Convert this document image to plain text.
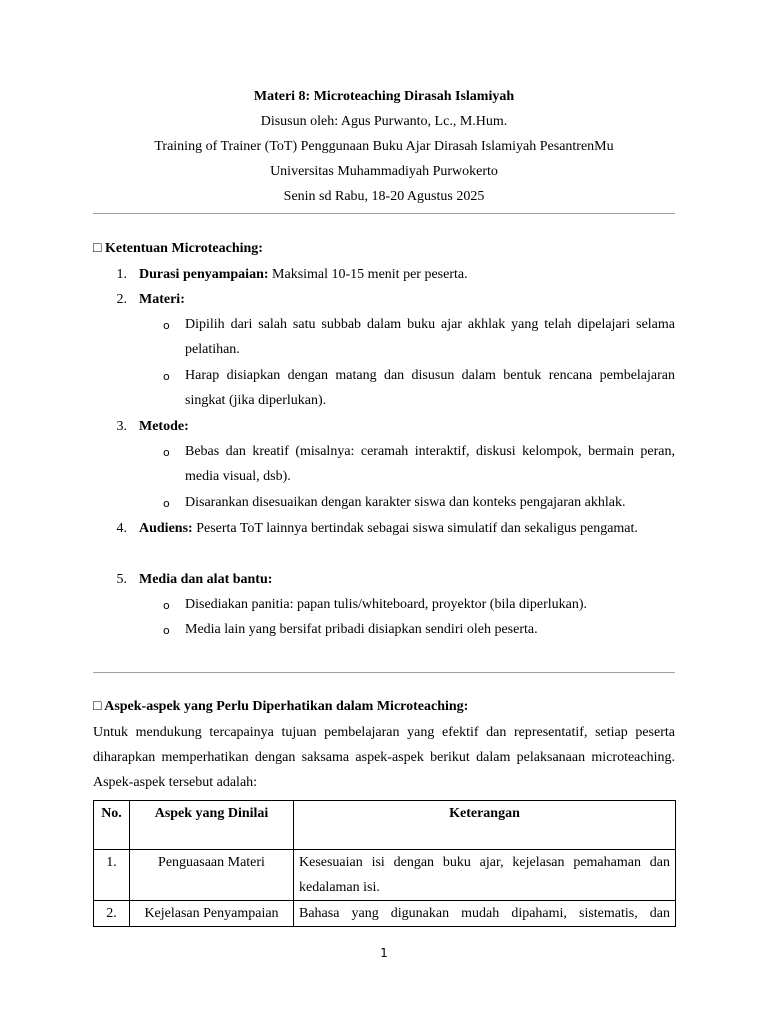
Materi 8: Microteaching Dirasah Islamiyah
Disusun oleh: Agus Purwanto, Lc., M.Hum.
Training of Trainer (ToT) Penggunaan Buku Ajar Dirasah Islamiyah PesantrenMu
Universitas Muhammadiyah Purwokerto
Senin sd Rabu, 18-20 Agustus 2025
□ Ketentuan Microteaching:
1. Durasi penyampaian: Maksimal 10-15 menit per peserta.
2. Materi:
o Dipilih dari salah satu subbab dalam buku ajar akhlak yang telah dipelajari selama pelatihan.
o Harap disiapkan dengan matang dan disusun dalam bentuk rencana pembelajaran singkat (jika diperlukan).
3. Metode:
o Bebas dan kreatif (misalnya: ceramah interaktif, diskusi kelompok, bermain peran, media visual, dsb).
o Disarankan disesuaikan dengan karakter siswa dan konteks pengajaran akhlak.
4. Audiens: Peserta ToT lainnya bertindak sebagai siswa simulatif dan sekaligus pengamat.
5. Media dan alat bantu:
o Disediakan panitia: papan tulis/whiteboard, proyektor (bila diperlukan).
o Media lain yang bersifat pribadi disiapkan sendiri oleh peserta.
□ Aspek-aspek yang Perlu Diperhatikan dalam Microteaching:
Untuk mendukung tercapainya tujuan pembelajaran yang efektif dan representatif, setiap peserta diharapkan memperhatikan dengan saksama aspek-aspek berikut dalam pelaksanaan microteaching. Aspek-aspek tersebut adalah:
No.	Aspek yang Dinilai	Keterangan
1.	Penguasaan Materi	Kesesuaian isi dengan buku ajar, kejelasan pemahaman dan kedalaman isi.
2.	Kejelasan Penyampaian	Bahasa yang digunakan mudah dipahami, sistematis, dan
1
